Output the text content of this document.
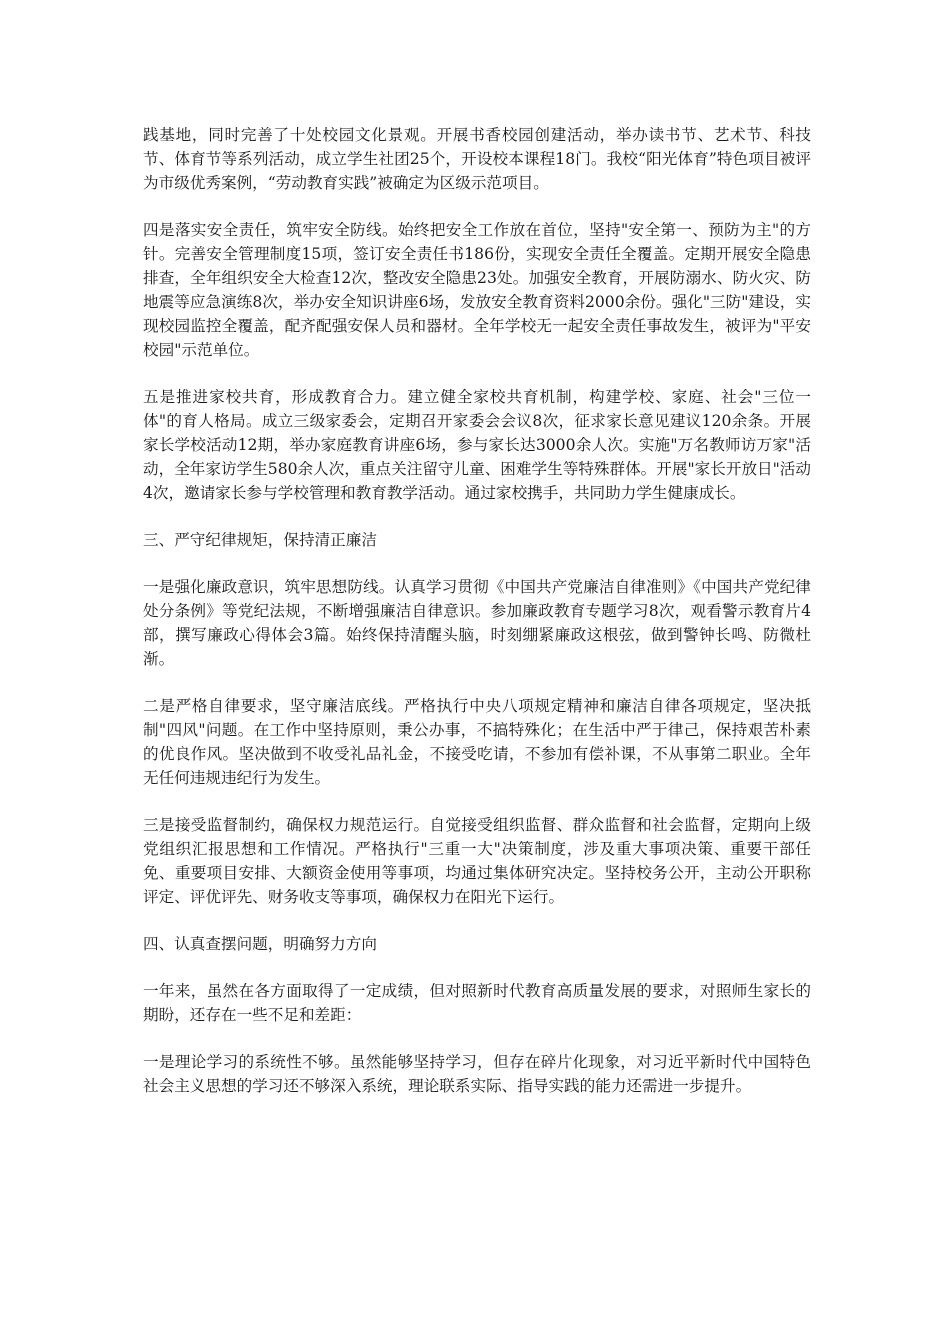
践基地，同时完善了十处校园文化景观。开展书香校园创建活动，举办读书节、艺术节、科技节、体育节等系列活动，成立学生社团25个，开设校本课程18门。我校“阳光体育”特色项目被评为市级优秀案例，“劳动教育实践”被确定为区级示范项目。

四是落实安全责任，筑牢安全防线。始终把安全工作放在首位，坚持"安全第一、预防为主"的方针。完善安全管理制度15项，签订安全责任书186份，实现安全责任全覆盖。定期开展安全隐患排查，全年组织安全大检查12次，整改安全隐患23处。加强安全教育，开展防溺水、防火灾、防地震等应急演练8次，举办安全知识讲座6场，发放安全教育资料2000余份。强化"三防"建设，实现校园监控全覆盖，配齐配强安保人员和器材。全年学校无一起安全责任事故发生，被评为"平安校园"示范单位。

五是推进家校共育，形成教育合力。建立健全家校共育机制，构建学校、家庭、社会"三位一体"的育人格局。成立三级家委会，定期召开家委会会议8次，征求家长意见建议120余条。开展家长学校活动12期，举办家庭教育讲座6场，参与家长达3000余人次。实施"万名教师访万家"活动，全年家访学生580余人次，重点关注留守儿童、困难学生等特殊群体。开展"家长开放日"活动4次，邀请家长参与学校管理和教育教学活动。通过家校携手，共同助力学生健康成长。

三、严守纪律规矩，保持清正廉洁

一是强化廉政意识，筑牢思想防线。认真学习贯彻《中国共产党廉洁自律准则》《中国共产党纪律处分条例》等党纪法规，不断增强廉洁自律意识。参加廉政教育专题学习8次，观看警示教育片4部，撰写廉政心得体会3篇。始终保持清醒头脑，时刻绷紧廉政这根弦，做到警钟长鸣、防微杜渐。

二是严格自律要求，坚守廉洁底线。严格执行中央八项规定精神和廉洁自律各项规定，坚决抵制"四风"问题。在工作中坚持原则，秉公办事，不搞特殊化；在生活中严于律己，保持艰苦朴素的优良作风。坚决做到不收受礼品礼金，不接受吃请，不参加有偿补课，不从事第二职业。全年无任何违规违纪行为发生。

三是接受监督制约，确保权力规范运行。自觉接受组织监督、群众监督和社会监督，定期向上级党组织汇报思想和工作情况。严格执行"三重一大"决策制度，涉及重大事项决策、重要干部任免、重要项目安排、大额资金使用等事项，均通过集体研究决定。坚持校务公开，主动公开职称评定、评优评先、财务收支等事项，确保权力在阳光下运行。

四、认真查摆问题，明确努力方向

一年来，虽然在各方面取得了一定成绩，但对照新时代教育高质量发展的要求，对照师生家长的期盼，还存在一些不足和差距：

一是理论学习的系统性不够。虽然能够坚持学习，但存在碎片化现象，对习近平新时代中国特色社会主义思想的学习还不够深入系统，理论联系实际、指导实践的能力还需进一步提升。
